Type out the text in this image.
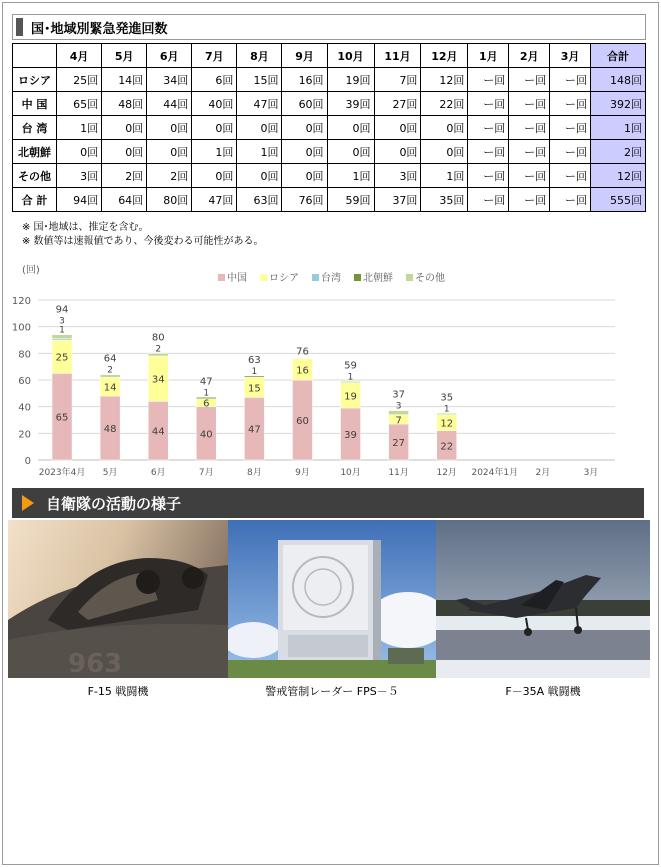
国･地域別緊急発進回数
	4月	5月	6月	7月	8月	9月	10月	11月	12月	1月	2月	3月	合計
ロシア	25回	14回	34回	6回	15回	16回	19回	7回	12回	ー回	ー回	ー回	148回
中 国	65回	48回	44回	40回	47回	60回	39回	27回	22回	ー回	ー回	ー回	392回
台 湾	1回	0回	0回	0回	0回	0回	0回	0回	0回	ー回	ー回	ー回	1回
北朝鮮	0回	0回	0回	1回	1回	0回	0回	0回	0回	ー回	ー回	ー回	2回
その他	3回	2回	2回	0回	0回	0回	1回	3回	1回	ー回	ー回	ー回	12回
合 計	94回	64回	80回	47回	63回	76回	59回	37回	35回	ー回	ー回	ー回	555回
※ 国･地域は、推定を含む。
※ 数値等は速報値であり、今後変わる可能性がある。
(回)
中国 ロシア 台湾 北朝鮮 その他
0
20
40
60
80
100
120
65
25
1
3
94
2023年4月
48
14
2
64
5月
44
34
2
80
6月
40
6
1
47
7月
47
15
1
63
8月
60
16
76
9月
39
19
1
59
10月
27
7
3
37
11月
22
12
1
35
12月 2024年1月 2月	3月
自衛隊の活動の様子
963
F-15 戦闘機	警戒管制レーダー FPS－５	F－35A 戦闘機
